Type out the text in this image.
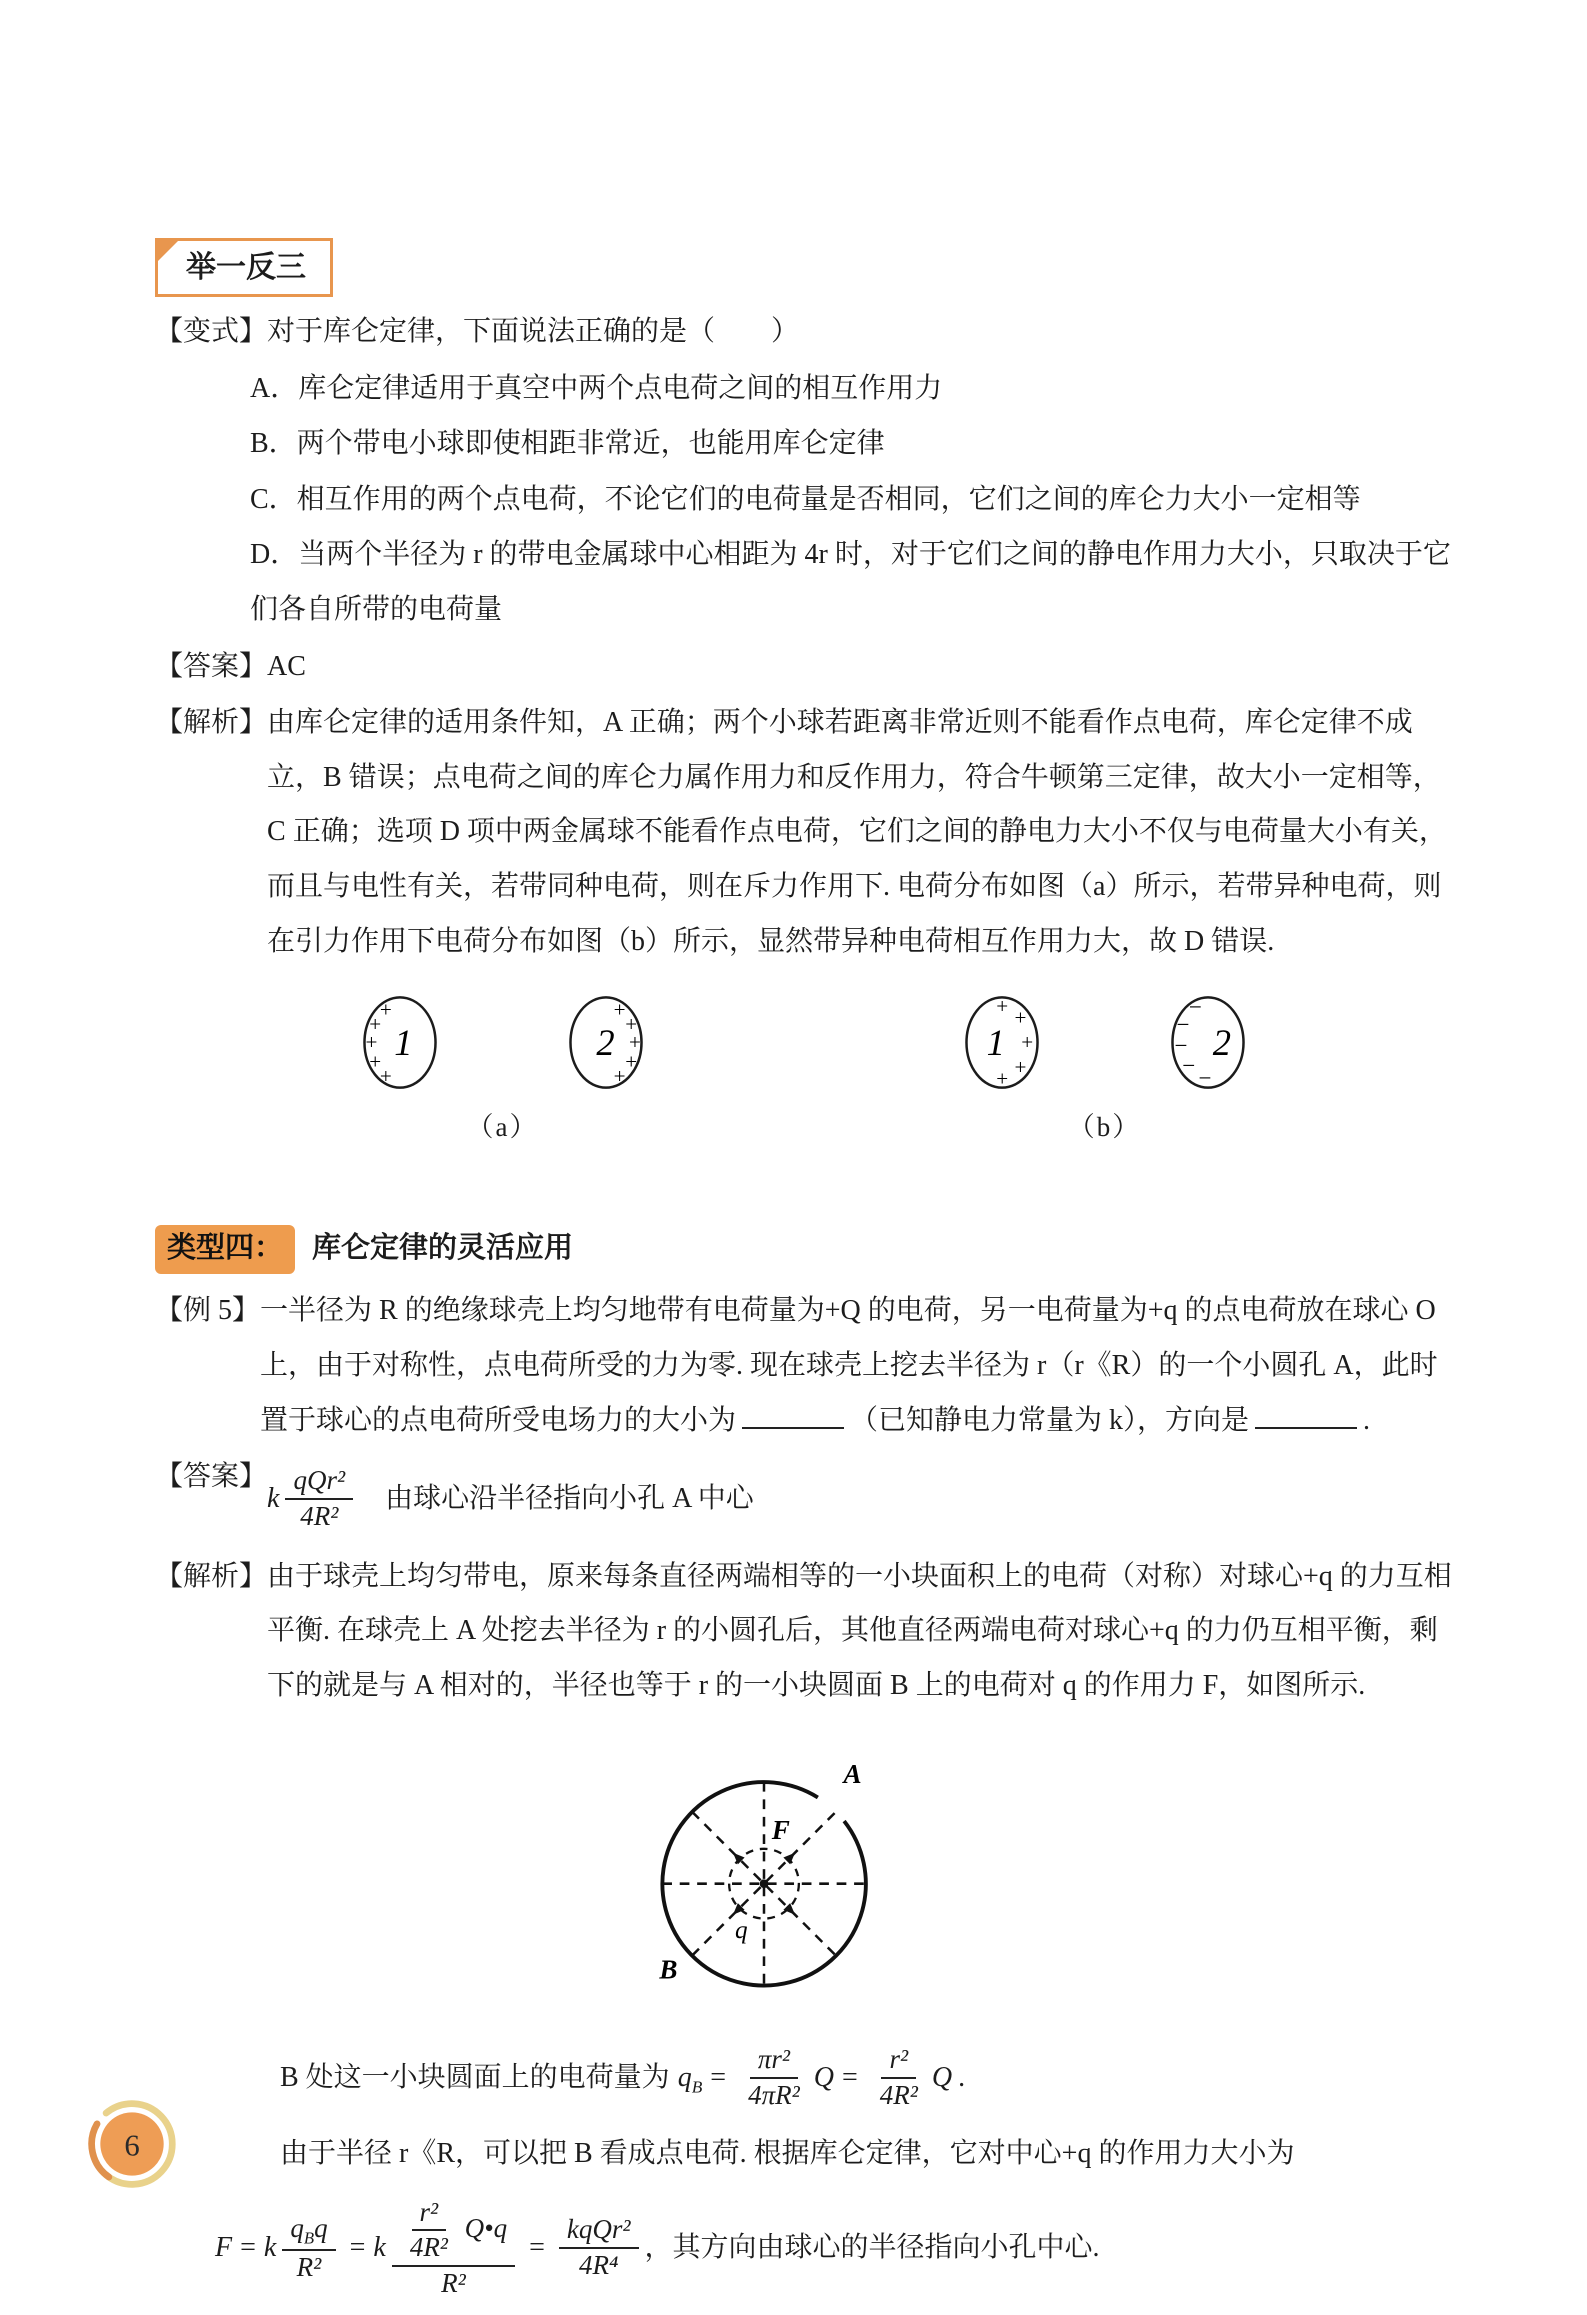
举一反三
【变式】 对于库仑定律，下面说法正确的是（　　）
A．库仑定律适用于真空中两个点电荷之间的相互作用力
B．两个带电小球即使相距非常近，也能用库仑定律
C．相互作用的两个点电荷，不论它们的电荷量是否相同，它们之间的库仑力大小一定相等
D．当两个半径为 r 的带电金属球中心相距为 4r 时，对于它们之间的静电作用力大小，只取决于它们各自所带的电荷量
【答案】 AC
【解析】 由库仑定律的适用条件知，A 正确；两个小球若距离非常近则不能看作点电荷，库仑定律不成立，B 错误；点电荷之间的库仑力属作用力和反作用力，符合牛顿第三定律，故大小一定相等，C 正确；选项 D 项中两金属球不能看作点电荷，它们之间的静电力大小不仅与电荷量大小有关，而且与电性有关，若带同种电荷，则在斥力作用下. 电荷分布如图（a）所示，若带异种电荷，则在引力作用下电荷分布如图（b）所示，显然带异种电荷相互作用力大，故 D 错误.
1
+
+
+
+
+
2
+
+
+
+
+
（a）
1
+ +
+
+
+
2
−
−
−
− −
（b）
类型四： 库仑定律的灵活应用
【例 5】 一半径为 R 的绝缘球壳上均匀地带有电荷量为+Q 的电荷，另一电荷量为+q 的点电荷放在球心 O 上，由于对称性，点电荷所受的力为零. 现在球壳上挖去半径为 r（r《R）的一个小圆孔 A，此时置于球心的点电荷所受电场力的大小为	（已知静电力常量为 k），方向是	.
【答案】
k $\frac{\text{qQr²}}{\text{4R²}}$ 由球心沿半径指向小孔 A 中心
【解析】 由于球壳上均匀带电，原来每条直径两端相等的一小块面积上的电荷（对称）对球心+q 的力互相平衡. 在球壳上 A 处挖去半径为 r 的小圆孔后，其他直径两端电荷对球心+q 的力仍互相平衡，剩下的就是与 A 相对的，半径也等于 r 的一小块圆面 B 上的电荷对 q 的作用力 F，如图所示.
A
F
q
B
B 处这一小块圆面上的电荷量为 $q_B = \frac{\text{πr²}}{\text{4πR²}}$ $Q = \frac{\text{r²}}{\text{4R²}}$ Q .
由于半径 r《R，可以把 B 看成点电荷. 根据库仑定律，它对中心+q 的作用力大小为
F = k $\frac{q_Bq}{\text{R²}} = k \frac{\frac{\text{r²}}{\text{4R²}} Q•q}{\text{R²}} = \frac{\text{kqQr²}}{\text{4R⁴}}$ ，其方向由球心的半径指向小孔中心.
6
